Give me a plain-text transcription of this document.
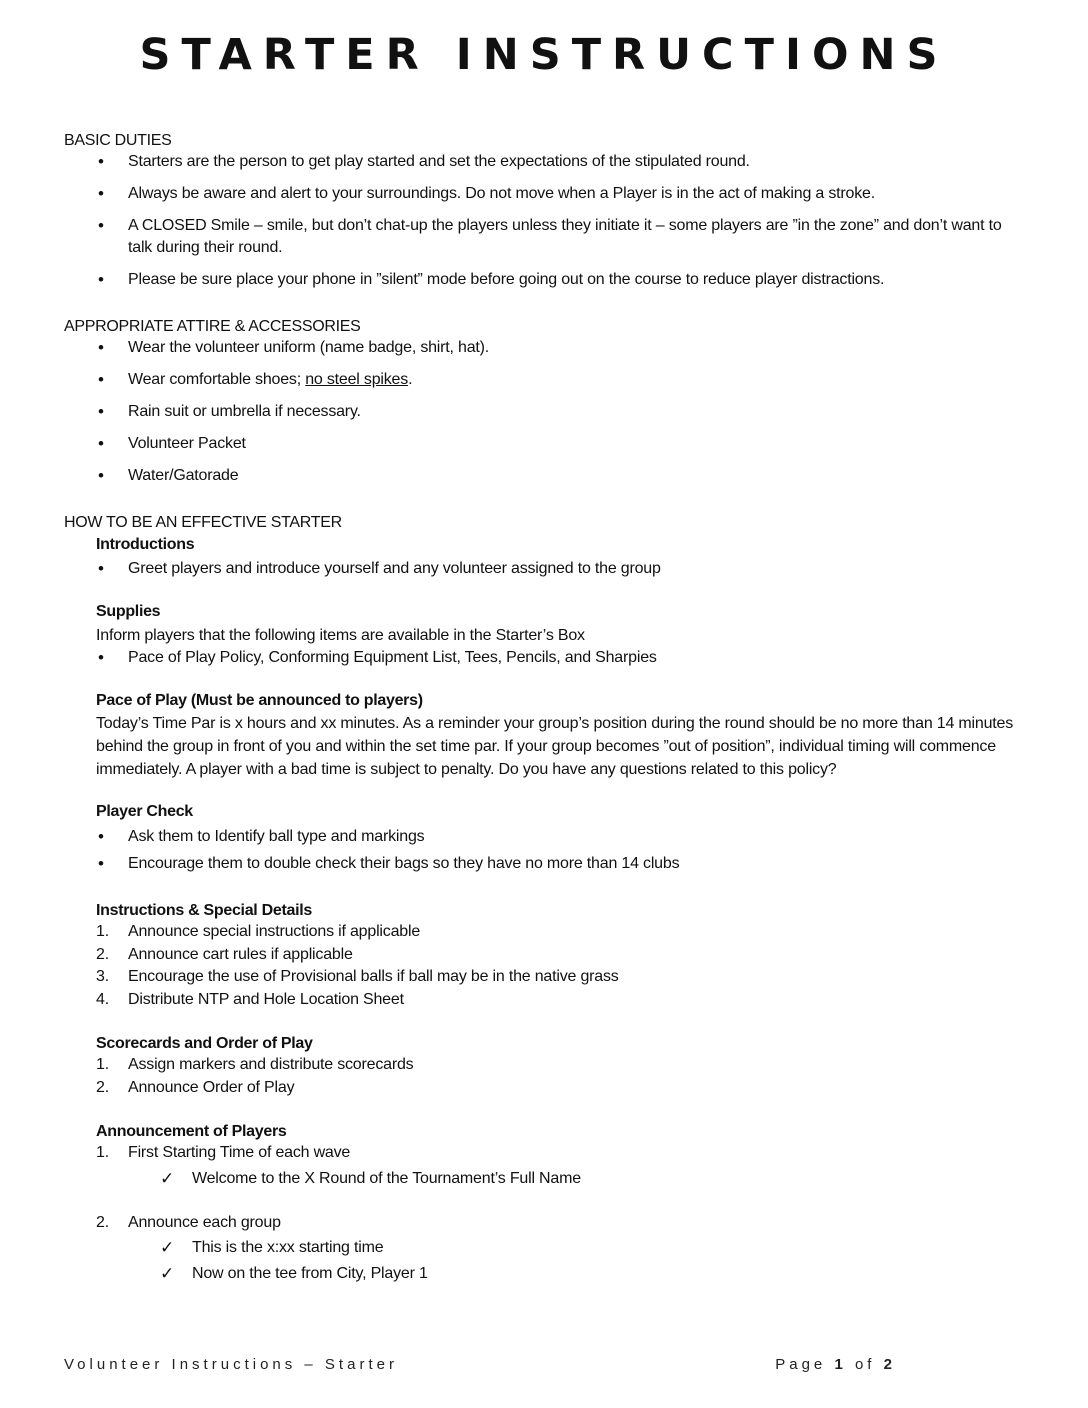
STARTER INSTRUCTIONS
BASIC DUTIES
• Starters are the person to get play started and set the expectations of the stipulated round.
• Always be aware and alert to your surroundings. Do not move when a Player is in the act of making a stroke.
• A CLOSED Smile – smile, but don’t chat-up the players unless they initiate it – some players are ”in the zone” and don’t want to talk during their round.
• Please be sure place your phone in ”silent” mode before going out on the course to reduce player distractions.
APPROPRIATE ATTIRE & ACCESSORIES
• Wear the volunteer uniform (name badge, shirt, hat).
• Wear comfortable shoes; no steel spikes.
• Rain suit or umbrella if necessary.
• Volunteer Packet
• Water/Gatorade
HOW TO BE AN EFFECTIVE STARTER
Introductions
• Greet players and introduce yourself and any volunteer assigned to the group
Supplies
Inform players that the following items are available in the Starter’s Box
• Pace of Play Policy, Conforming Equipment List, Tees, Pencils, and Sharpies
Pace of Play (Must be announced to players)
Today’s Time Par is x hours and xx minutes. As a reminder your group’s position during the round should be no more than 14 minutes behind the group in front of you and within the set time par. If your group becomes ”out of position”, individual timing will commence immediately. A player with a bad time is subject to penalty. Do you have any questions related to this policy?
Player Check
• Ask them to Identify ball type and markings
• Encourage them to double check their bags so they have no more than 14 clubs
Instructions & Special Details
1. Announce special instructions if applicable
2. Announce cart rules if applicable
3. Encourage the use of Provisional balls if ball may be in the native grass
4. Distribute NTP and Hole Location Sheet
Scorecards and Order of Play
1. Assign markers and distribute scorecards
2. Announce Order of Play
Announcement of Players
1. First Starting Time of each wave
✓ Welcome to the X Round of the Tournament’s Full Name
2. Announce each group
✓ This is the x:xx starting time
✓ Now on the tee from City, Player 1
Volunteer Instructions – Starter	Page 1 of 2
